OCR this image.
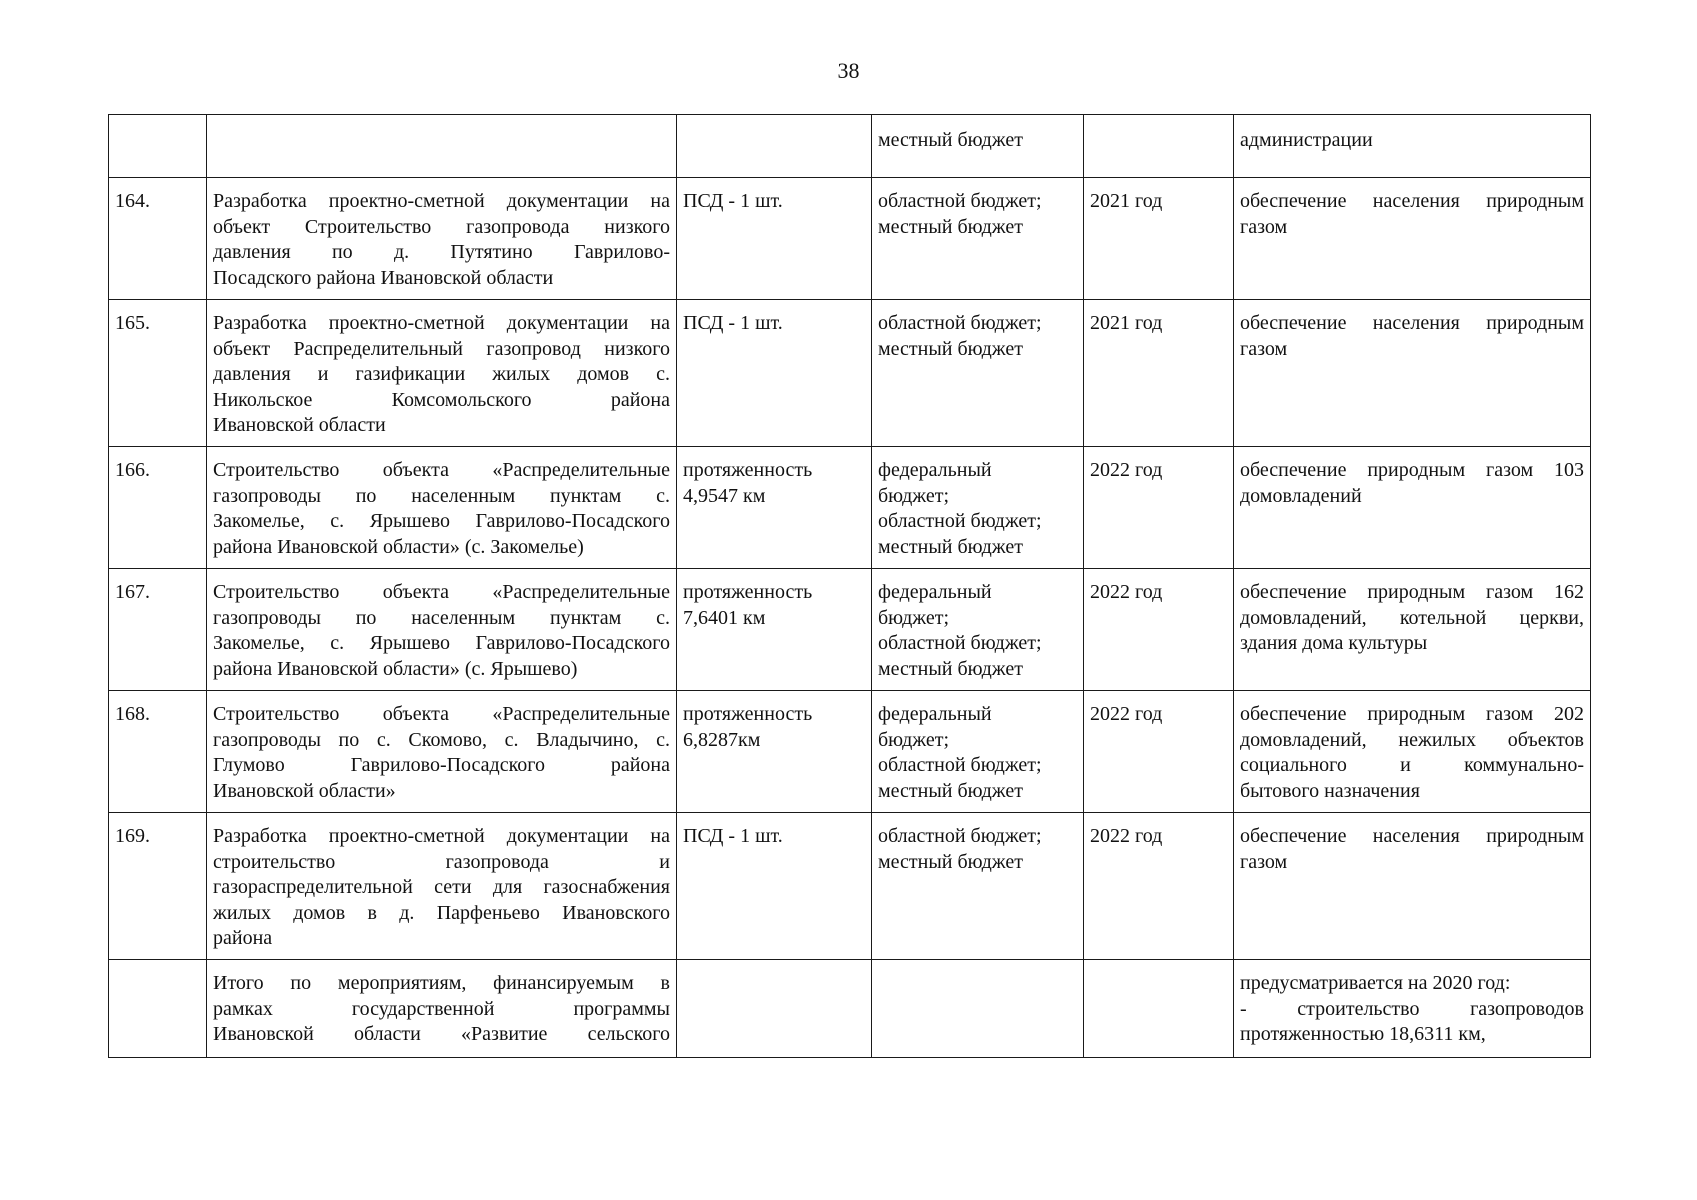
38
			местный бюджет		администрации
164.	Разработка проектно-сметной документации на
объект Строительство газопровода низкого
давления по д. Путятино Гаврилово-
Посадского района Ивановской области	ПСД - 1 шт.	областной бюджет;
местный бюджет	2021 год	обеспечение населения природным
газом

165.	Разработка проектно-сметной документации на
объект Распределительный газопровод низкого
давления и газификации жилых домов с.
Никольское Комсомольского района
Ивановской области	ПСД - 1 шт.	областной бюджет;
местный бюджет	2021 год	обеспечение населения природным
газом

166.	Строительство объекта «Распределительные
газопроводы по населенным пунктам с.
Закомелье, с. Ярышево Гаврилово-Посадского
района Ивановской области» (с. Закомелье)	протяженность
4,9547 км	федеральный
бюджет;
областной бюджет;
местный бюджет	2022 год	обеспечение природным газом 103
домовладений

167.	Строительство объекта «Распределительные
газопроводы по населенным пунктам с.
Закомелье, с. Ярышево Гаврилово-Посадского
района Ивановской области» (с. Ярышево)	протяженность
7,6401 км	федеральный
бюджет;
областной бюджет;
местный бюджет	2022 год	обеспечение природным газом 162
домовладений, котельной церкви,
здания дома культуры

168.	Строительство объекта «Распределительные
газопроводы по с. Скомово, с. Владычино, с.
Глумово Гаврилово-Посадского района
Ивановской области»	протяженность
6,8287км	федеральный
бюджет;
областной бюджет;
местный бюджет	2022 год	обеспечение природным газом 202
домовладений, нежилых объектов
социального и коммунально-
бытового назначения

169.	Разработка проектно-сметной документации на
строительство газопровода и
газораспределительной сети для газоснабжения
жилых домов в д. Парфеньево Ивановского
района	ПСД - 1 шт.	областной бюджет;
местный бюджет	2022 год	обеспечение населения природным
газом

	Итого по мероприятиям, финансируемым в
рамках государственной программы
Ивановской области «Развитие сельского				предусматривается на 2020 год:
- строительство газопроводов
протяженностью 18,6311 км,
